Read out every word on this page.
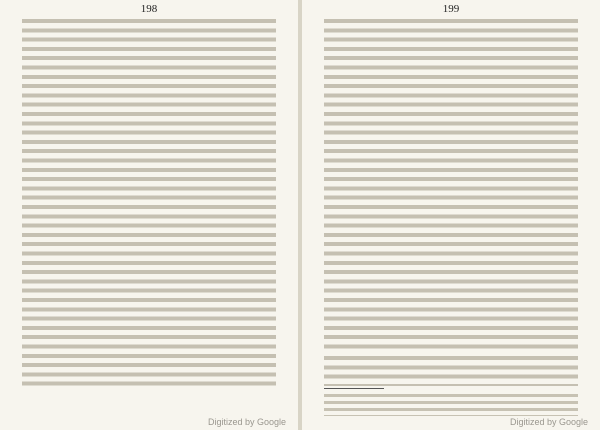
198
Digitized by Google
199
Digitized by Google
